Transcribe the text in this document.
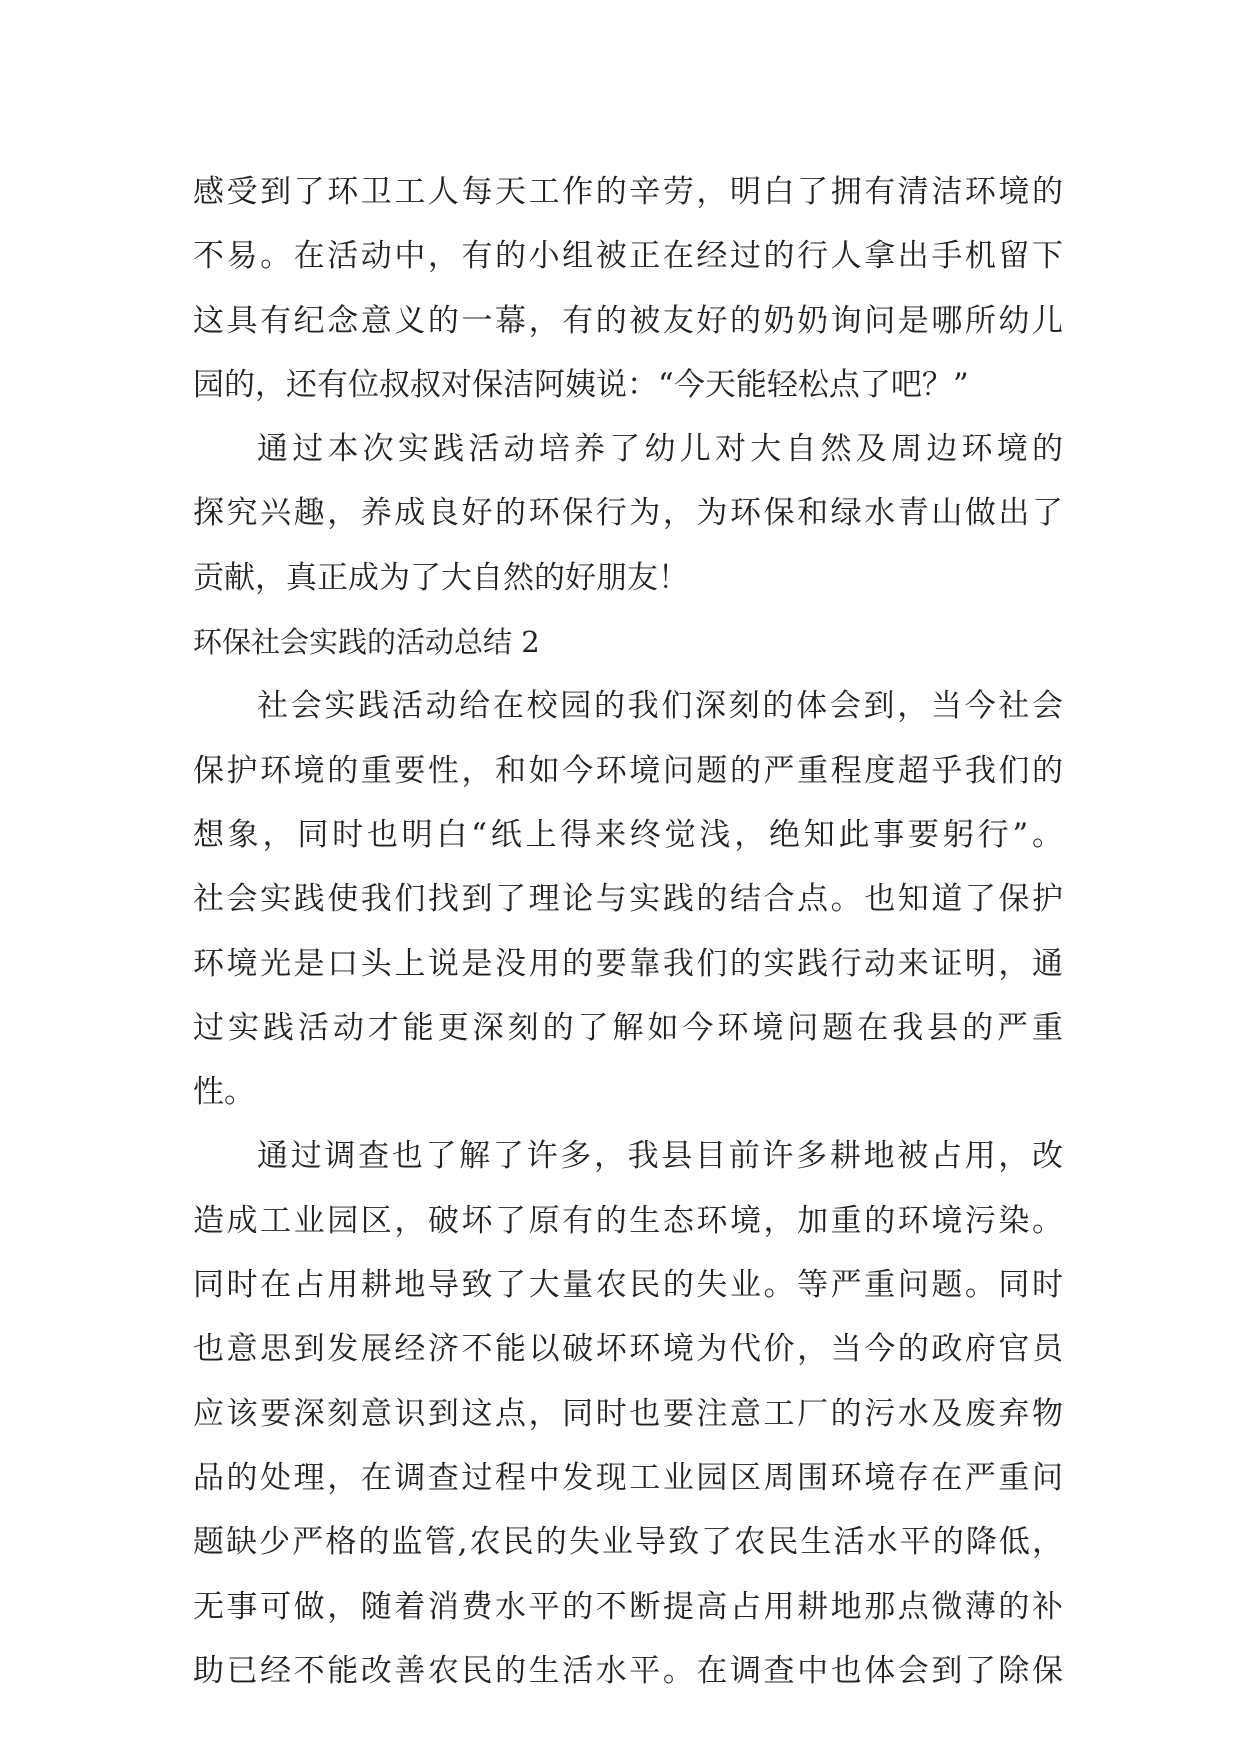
感受到了环卫工人每天工作的辛劳，明白了拥有清洁环境的
不易。在活动中，有的小组被正在经过的行人拿出手机留下
这具有纪念意义的一幕，有的被友好的奶奶询问是哪所幼儿
园的，还有位叔叔对保洁阿姨说：“今天能轻松点了吧？”
通过本次实践活动培养了幼儿对大自然及周边环境的
探究兴趣，养成良好的环保行为，为环保和绿水青山做出了
贡献，真正成为了大自然的好朋友！
环保社会实践的活动总结 2
社会实践活动给在校园的我们深刻的体会到，当今社会
保护环境的重要性，和如今环境问题的严重程度超乎我们的
想象，同时也明白“纸上得来终觉浅，绝知此事要躬行”。
社会实践使我们找到了理论与实践的结合点。也知道了保护
环境光是口头上说是没用的要靠我们的实践行动来证明，通
过实践活动才能更深刻的了解如今环境问题在我县的严重
性。
通过调查也了解了许多，我县目前许多耕地被占用，改
造成工业园区，破坏了原有的生态环境，加重的环境污染。
同时在占用耕地导致了大量农民的失业。等严重问题。同时
也意思到发展经济不能以破坏环境为代价，当今的政府官员
应该要深刻意识到这点，同时也要注意工厂的污水及废弃物
品的处理，在调查过程中发现工业园区周围环境存在严重问
题缺少严格的监管,农民的失业导致了农民生活水平的降低，
无事可做，随着消费水平的不断提高占用耕地那点微薄的补
助已经不能改善农民的生活水平。在调查中也体会到了除保
